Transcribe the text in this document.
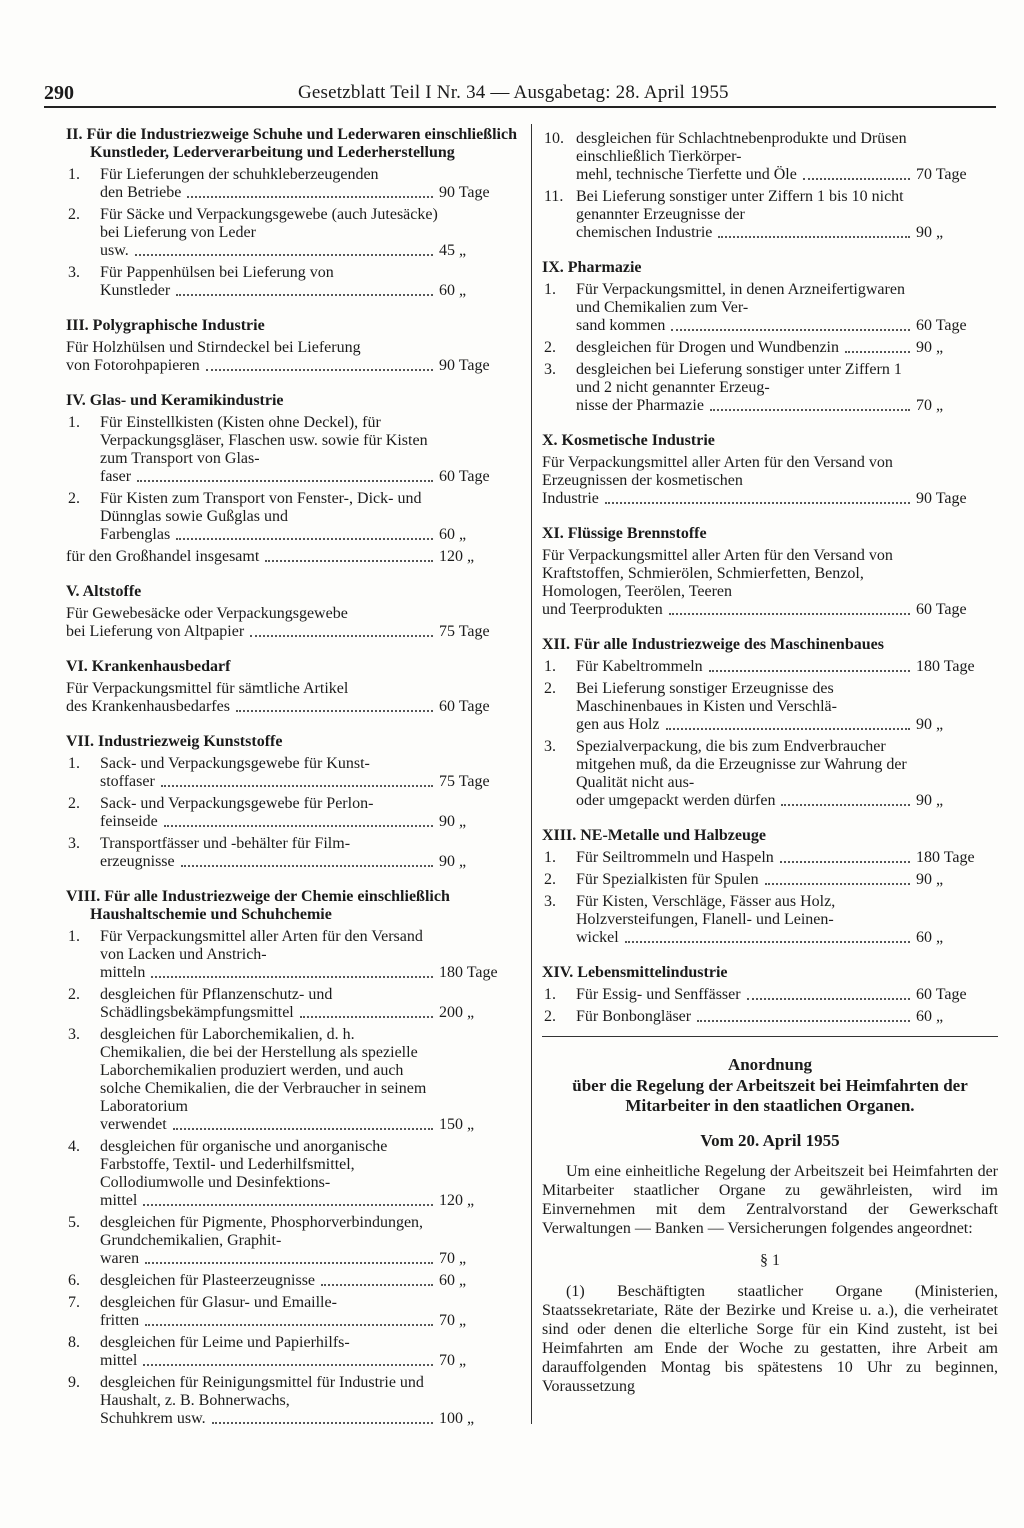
290	Gesetzblatt Teil I Nr. 34 — Ausgabetag: 28. April 1955
II. Für die Industriezweige Schuhe und Lederwaren einschließlich Kunstleder, Lederverarbeitung und Lederherstellung
1.	Für Lieferungen der schuhkleberzeugenden
den Betriebe	90 Tage
2.	Für Säcke und Verpackungsgewebe (auch Jutesäcke) bei Lieferung von Leder
usw.	45 „
3.	Für Pappenhülsen bei Lieferung von
Kunstleder	60 „
III. Polygraphische Industrie
Für Holzhülsen und Stirndeckel bei Lieferung
von Fotorohpapieren	90 Tage
IV. Glas- und Keramikindustrie
1.	Für Einstellkisten (Kisten ohne Deckel), für Verpackungsgläser, Flaschen usw. sowie für Kisten zum Transport von Glas-
faser	60 Tage
2.	Für Kisten zum Transport von Fenster-, Dick- und Dünnglas sowie Gußglas und
Farbenglas	60 „
für den Großhandel insgesamt	120 „
V. Altstoffe
Für Gewebesäcke oder Verpackungsgewebe
bei Lieferung von Altpapier	75 Tage
VI. Krankenhausbedarf
Für Verpackungsmittel für sämtliche Artikel
des Krankenhausbedarfes	60 Tage
VII. Industriezweig Kunststoffe
1.	Sack- und Verpackungsgewebe für Kunst-
stoffaser	75 Tage
2.	Sack- und Verpackungsgewebe für Perlon-
feinseide	90 „
3.	Transportfässer und -behälter für Film-
erzeugnisse	90 „
VIII. Für alle Industriezweige der Chemie einschließlich Haushaltschemie und Schuhchemie
1.	Für Verpackungsmittel aller Arten für den Versand von Lacken und Anstrich-
mitteln	180 Tage
2.	desgleichen für Pflanzenschutz- und
Schädlingsbekämpfungsmittel	200 „
3.	desgleichen für Laborchemikalien, d. h. Chemikalien, die bei der Herstellung als spezielle Laborchemikalien produziert werden, und auch solche Chemikalien, die der Verbraucher in seinem Laboratorium
verwendet	150 „
4.	desgleichen für organische und anorganische Farbstoffe, Textil- und Lederhilfsmittel, Collodiumwolle und Desinfektions-
mittel	120 „
5.	desgleichen für Pigmente, Phosphorverbindungen, Grundchemikalien, Graphit-
waren	70 „
6.	desgleichen für Plasteerzeugnisse	60 „
7.	desgleichen für Glasur- und Emaille-
fritten	70 „
8.	desgleichen für Leime und Papierhilfs-
mittel	70 „
9.	desgleichen für Reinigungsmittel für Industrie und Haushalt, z. B. Bohnerwachs,
Schuhkrem usw.	100 „
10. desgleichen für Schlachtnebenprodukte und Drüsen einschließlich Tierkörper-
mehl, technische Tierfette und Öle	70 Tage
11. Bei Lieferung sonstiger unter Ziffern 1 bis 10 nicht genannter Erzeugnisse der
chemischen Industrie	90 „
IX. Pharmazie
1.	Für Verpackungsmittel, in denen Arzneifertigwaren und Chemikalien zum Ver-
sand kommen	60 Tage
2.	desgleichen für Drogen und Wundbenzin	90 „
3.	desgleichen bei Lieferung sonstiger unter Ziffern 1 und 2 nicht genannter Erzeug-
nisse der Pharmazie	70 „
X. Kosmetische Industrie
Für Verpackungsmittel aller Arten für den Versand von Erzeugnissen der kosmetischen
Industrie	90 Tage
XI. Flüssige Brennstoffe
Für Verpackungsmittel aller Arten für den Versand von Kraftstoffen, Schmierölen, Schmierfetten, Benzol, Homologen, Teerölen, Teeren
und Teerprodukten	60 Tage
XII. Für alle Industriezweige des Maschinenbaues
1.	Für Kabeltrommeln	180 Tage
2.	Bei Lieferung sonstiger Erzeugnisse des Maschinenbaues in Kisten und Verschlä-
gen aus Holz	90 „
3.	Spezialverpackung, die bis zum Endverbraucher mitgehen muß, da die Erzeugnisse zur Wahrung der Qualität nicht aus-
oder umgepackt werden dürfen	90 „
XIII. NE-Metalle und Halbzeuge
1.	Für Seiltrommeln und Haspeln	180 Tage
2.	Für Spezialkisten für Spulen	90 „
3.	Für Kisten, Verschläge, Fässer aus Holz, Holzversteifungen, Flanell- und Leinen-
wickel	60 „
XIV. Lebensmittelindustrie
1.	Für Essig- und Senffässer	60 Tage
2.	Für Bonbongläser	60 „
Anordnung
über die Regelung der Arbeitszeit bei Heimfahrten der Mitarbeiter in den staatlichen Organen.
Vom 20. April 1955
Um eine einheitliche Regelung der Arbeitszeit bei Heimfahrten der Mitarbeiter staatlicher Organe zu gewährleisten, wird im Einvernehmen mit dem Zentralvorstand der Gewerkschaft Verwaltungen — Banken — Versicherungen folgendes angeordnet:
§ 1
(1) Beschäftigten staatlicher Organe (Ministerien, Staatssekretariate, Räte der Bezirke und Kreise u. a.), die verheiratet sind oder denen die elterliche Sorge für ein Kind zusteht, ist bei Heimfahrten am Ende der Woche zu gestatten, ihre Arbeit am darauffolgenden Montag bis spätestens 10 Uhr zu beginnen, Voraussetzung
